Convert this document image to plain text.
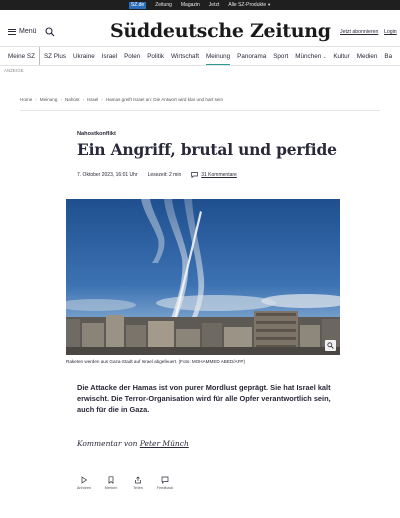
SZ.de	Zeitung Magazin Jetzt Alle SZ-Produkte▼
Menü	Süddeutsche Zeitung Jetzt abonnieren Login
Meine SZ	SZ Plus Ukraine Israel Polen Politik Wirtschaft Meinung Panorama Sport München ⌄ Kultur Medien Ba
ANZEIGE
Home › Meinung › Nahost › Israel › Hamas greift Israel an: Die Antwort wird klar und hart sein
Nahostkonflikt
Ein Angriff, brutal und perfide
7. Oktober 2023, 16:01 Uhr Lesezeit: 2 min	31 Kommentare
Raketen werden aus Gaza-Stadt auf Israel abgefeuert. (Foto: MOHAMMED ABED/AFP)

Die Attacke der Hamas ist von purer Mordlust geprägt. Sie hat Israel kalt erwischt. Die Terror-Organisation wird für alle Opfer verantwortlich sein, auch für die in Gaza.

Kommentar von Peter Münch
Anhören	Merken	Teilen	Feedback
